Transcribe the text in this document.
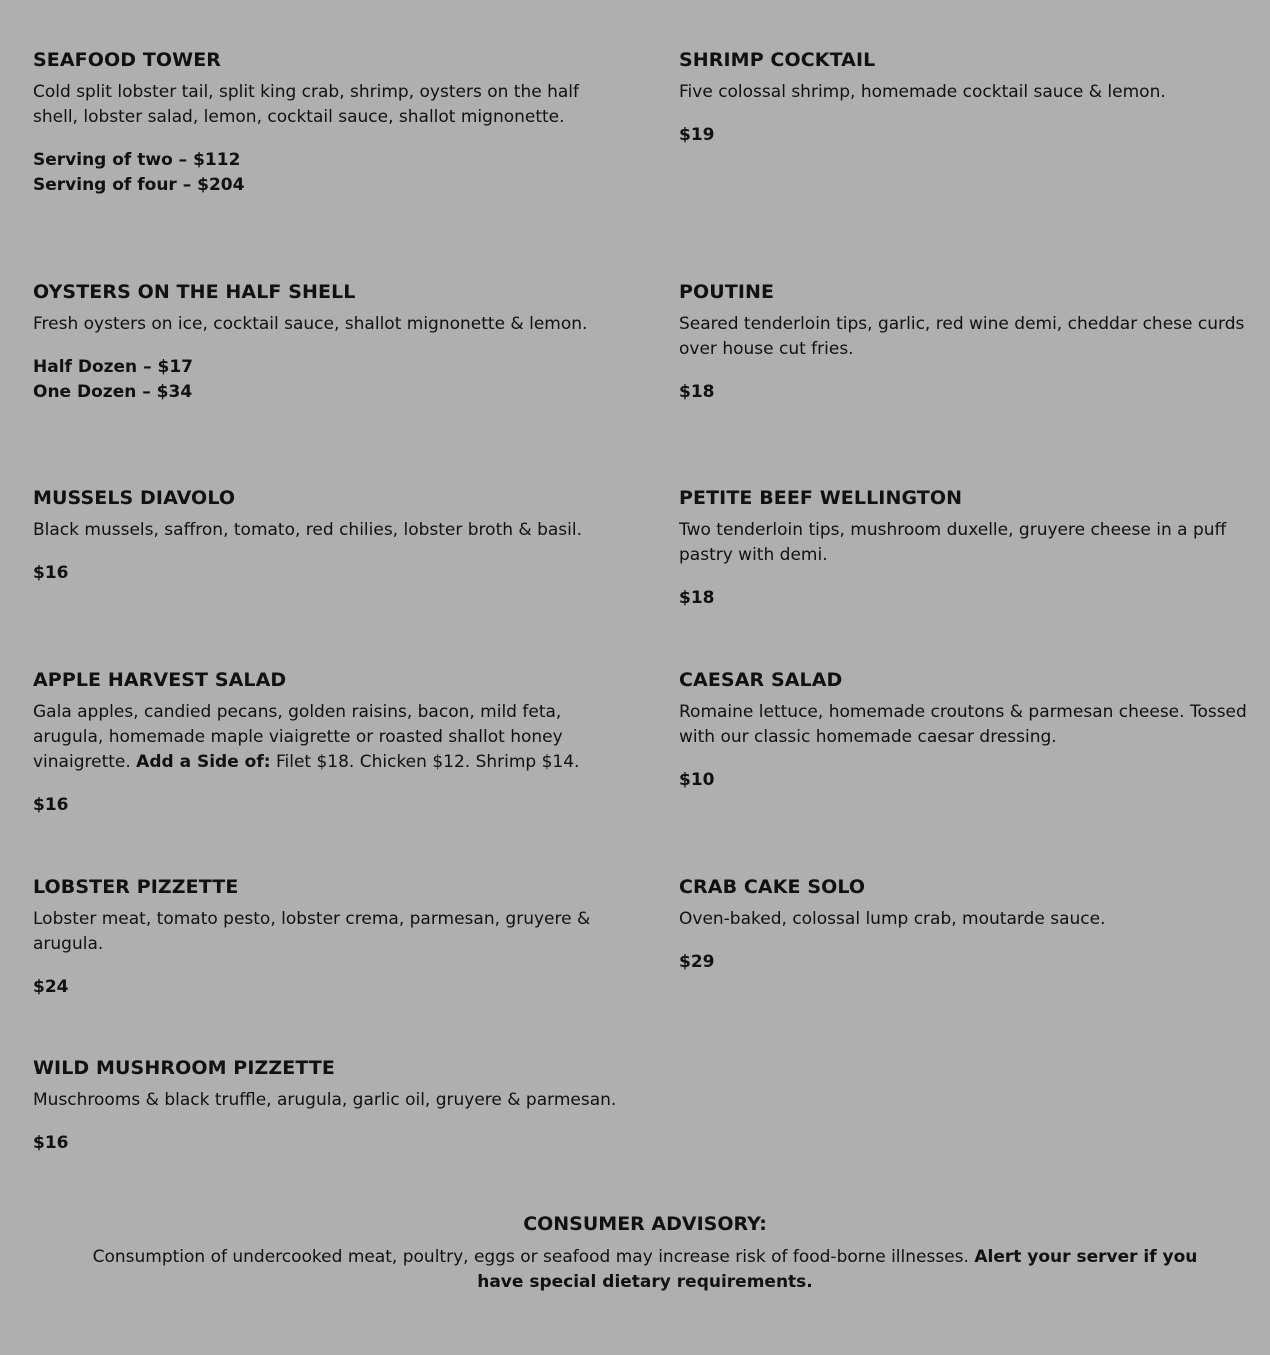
SEAFOOD TOWER

Cold split lobster tail, split king crab, shrimp, oysters on the half shell, lobster salad, lemon, cocktail sauce, shallot mignonette.

Serving of two – $112
Serving of four – $204

SHRIMP COCKTAIL

Five colossal shrimp, homemade cocktail sauce & lemon.

$19

OYSTERS ON THE HALF SHELL

Fresh oysters on ice, cocktail sauce, shallot mignonette & lemon.

Half Dozen – $17
One Dozen – $34

POUTINE

Seared tenderloin tips, garlic, red wine demi, cheddar chese curds over house cut fries.

$18

MUSSELS DIAVOLO

Black mussels, saffron, tomato, red chilies, lobster broth & basil.

$16

PETITE BEEF WELLINGTON

Two tenderloin tips, mushroom duxelle, gruyere cheese in a puff pastry with demi.

$18

APPLE HARVEST SALAD

Gala apples, candied pecans, golden raisins, bacon, mild feta, arugula, homemade maple viaigrette or roasted shallot honey vinaigrette. Add a Side of: Filet $18. Chicken $12. Shrimp $14.

$16

CAESAR SALAD

Romaine lettuce, homemade croutons & parmesan cheese. Tossed with our classic homemade caesar dressing.

$10

LOBSTER PIZZETTE

Lobster meat, tomato pesto, lobster crema, parmesan, gruyere & arugula.

$24

CRAB CAKE SOLO

Oven-baked, colossal lump crab, moutarde sauce.

$29

WILD MUSHROOM PIZZETTE

Muschrooms & black truffle, arugula, garlic oil, gruyere & parmesan.

$16

CONSUMER ADVISORY:

Consumption of undercooked meat, poultry, eggs or seafood may increase risk of food-borne illnesses. Alert your server if you have special dietary requirements.
